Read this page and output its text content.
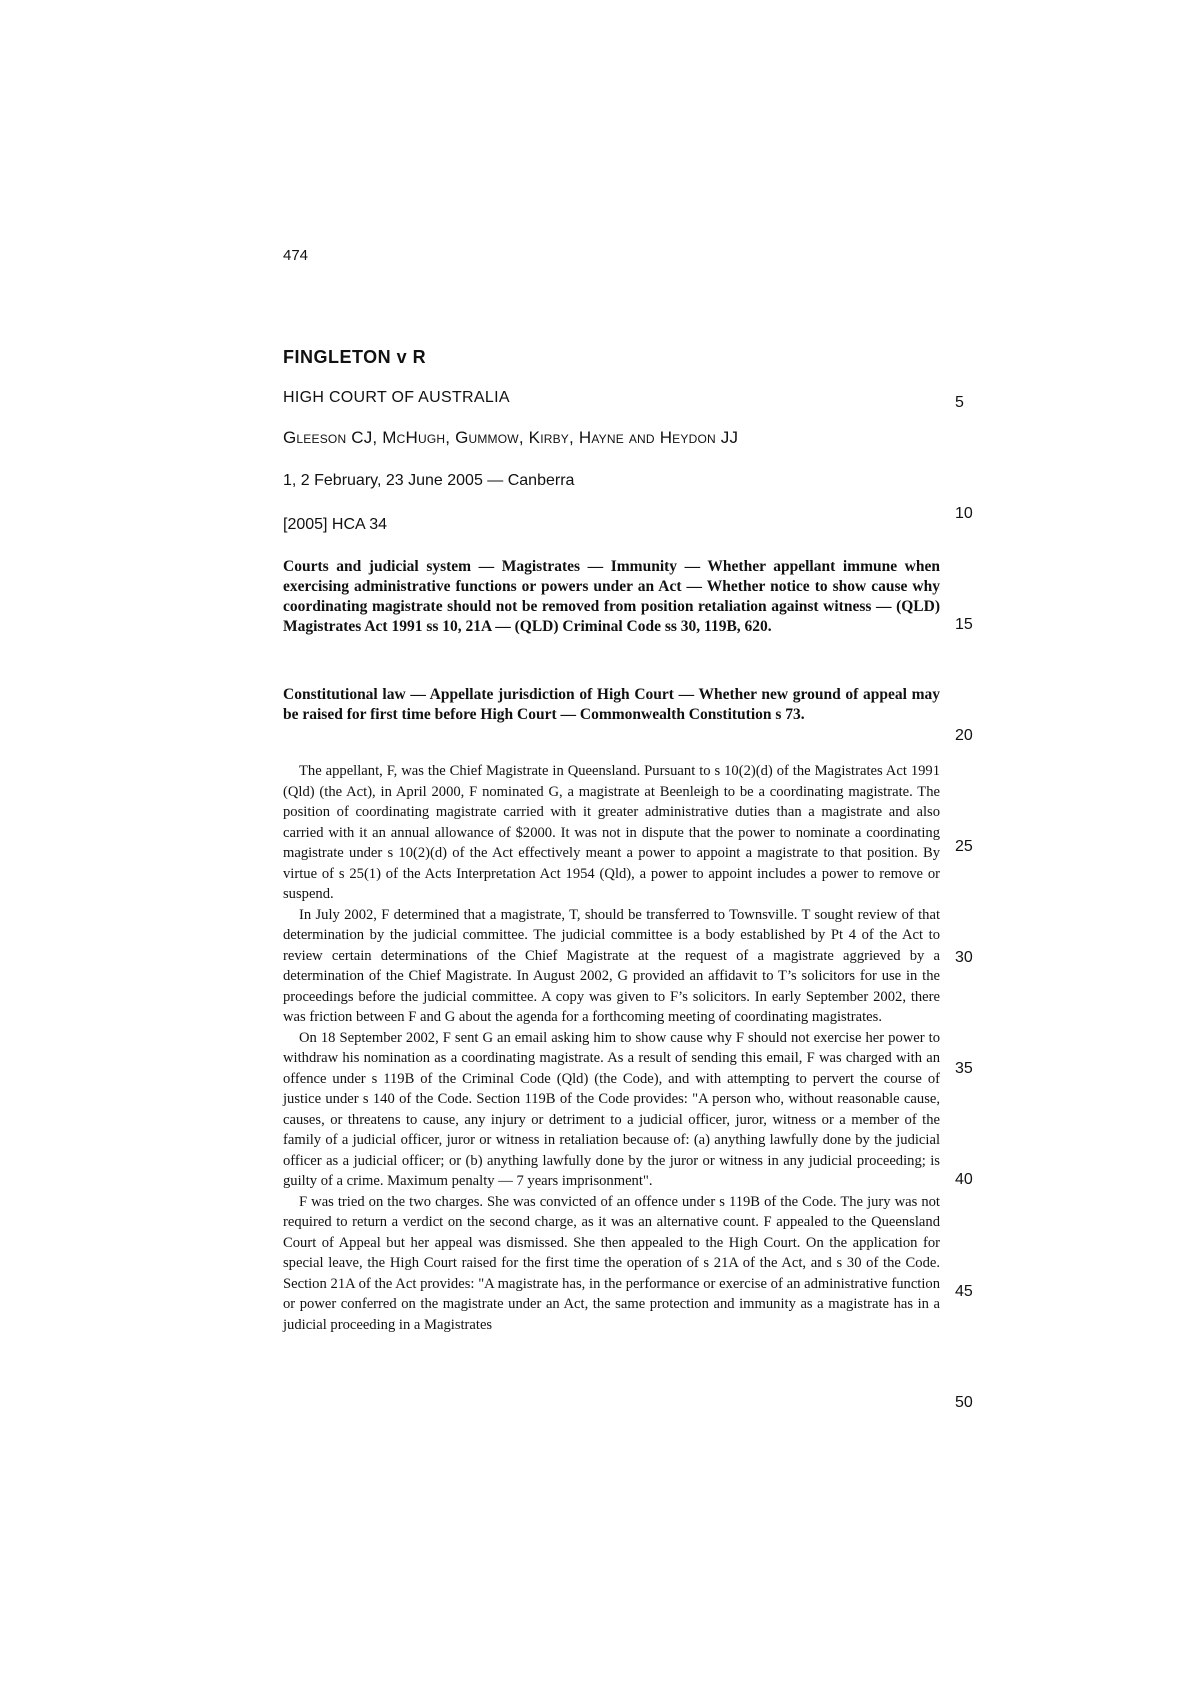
474
FINGLETON v R
HIGH COURT OF AUSTRALIA
Gleeson CJ, McHugh, Gummow, Kirby, Hayne and Heydon JJ
1, 2 February, 23 June 2005 — Canberra
[2005] HCA 34
Courts and judicial system — Magistrates — Immunity — Whether appellant immune when exercising administrative functions or powers under an Act — Whether notice to show cause why coordinating magistrate should not be removed from position retaliation against witness — (QLD) Magistrates Act 1991 ss 10, 21A — (QLD) Criminal Code ss 30, 119B, 620.
Constitutional law — Appellate jurisdiction of High Court — Whether new ground of appeal may be raised for first time before High Court — Commonwealth Constitution s 73.

The appellant, F, was the Chief Magistrate in Queensland. Pursuant to s 10(2)(d) of the Magistrates Act 1991 (Qld) (the Act), in April 2000, F nominated G, a magistrate at Beenleigh to be a coordinating magistrate. The position of coordinating magistrate carried with it greater administrative duties than a magistrate and also carried with it an annual allowance of $2000. It was not in dispute that the power to nominate a coordinating magistrate under s 10(2)(d) of the Act effectively meant a power to appoint a magistrate to that position. By virtue of s 25(1) of the Acts Interpretation Act 1954 (Qld), a power to appoint includes a power to remove or suspend.

In July 2002, F determined that a magistrate, T, should be transferred to Townsville. T sought review of that determination by the judicial committee. The judicial committee is a body established by Pt 4 of the Act to review certain determinations of the Chief Magistrate at the request of a magistrate aggrieved by a determination of the Chief Magistrate. In August 2002, G provided an affidavit to T’s solicitors for use in the proceedings before the judicial committee. A copy was given to F’s solicitors. In early September 2002, there was friction between F and G about the agenda for a forthcoming meeting of coordinating magistrates.

On 18 September 2002, F sent G an email asking him to show cause why F should not exercise her power to withdraw his nomination as a coordinating magistrate. As a result of sending this email, F was charged with an offence under s 119B of the Criminal Code (Qld) (the Code), and with attempting to pervert the course of justice under s 140 of the Code. Section 119B of the Code provides: "A person who, without reasonable cause, causes, or threatens to cause, any injury or detriment to a judicial officer, juror, witness or a member of the family of a judicial officer, juror or witness in retaliation because of: (a) anything lawfully done by the judicial officer as a judicial officer; or (b) anything lawfully done by the juror or witness in any judicial proceeding; is guilty of a crime. Maximum penalty — 7 years imprisonment".

F was tried on the two charges. She was convicted of an offence under s 119B of the Code. The jury was not required to return a verdict on the second charge, as it was an alternative count. F appealed to the Queensland Court of Appeal but her appeal was dismissed. She then appealed to the High Court. On the application for special leave, the High Court raised for the first time the operation of s 21A of the Act, and s 30 of the Code. Section 21A of the Act provides: "A magistrate has, in the performance or exercise of an administrative function or power conferred on the magistrate under an Act, the same protection and immunity as a magistrate has in a judicial proceeding in a Magistrates

5
10
15
20
25
30
35
40
45
50
